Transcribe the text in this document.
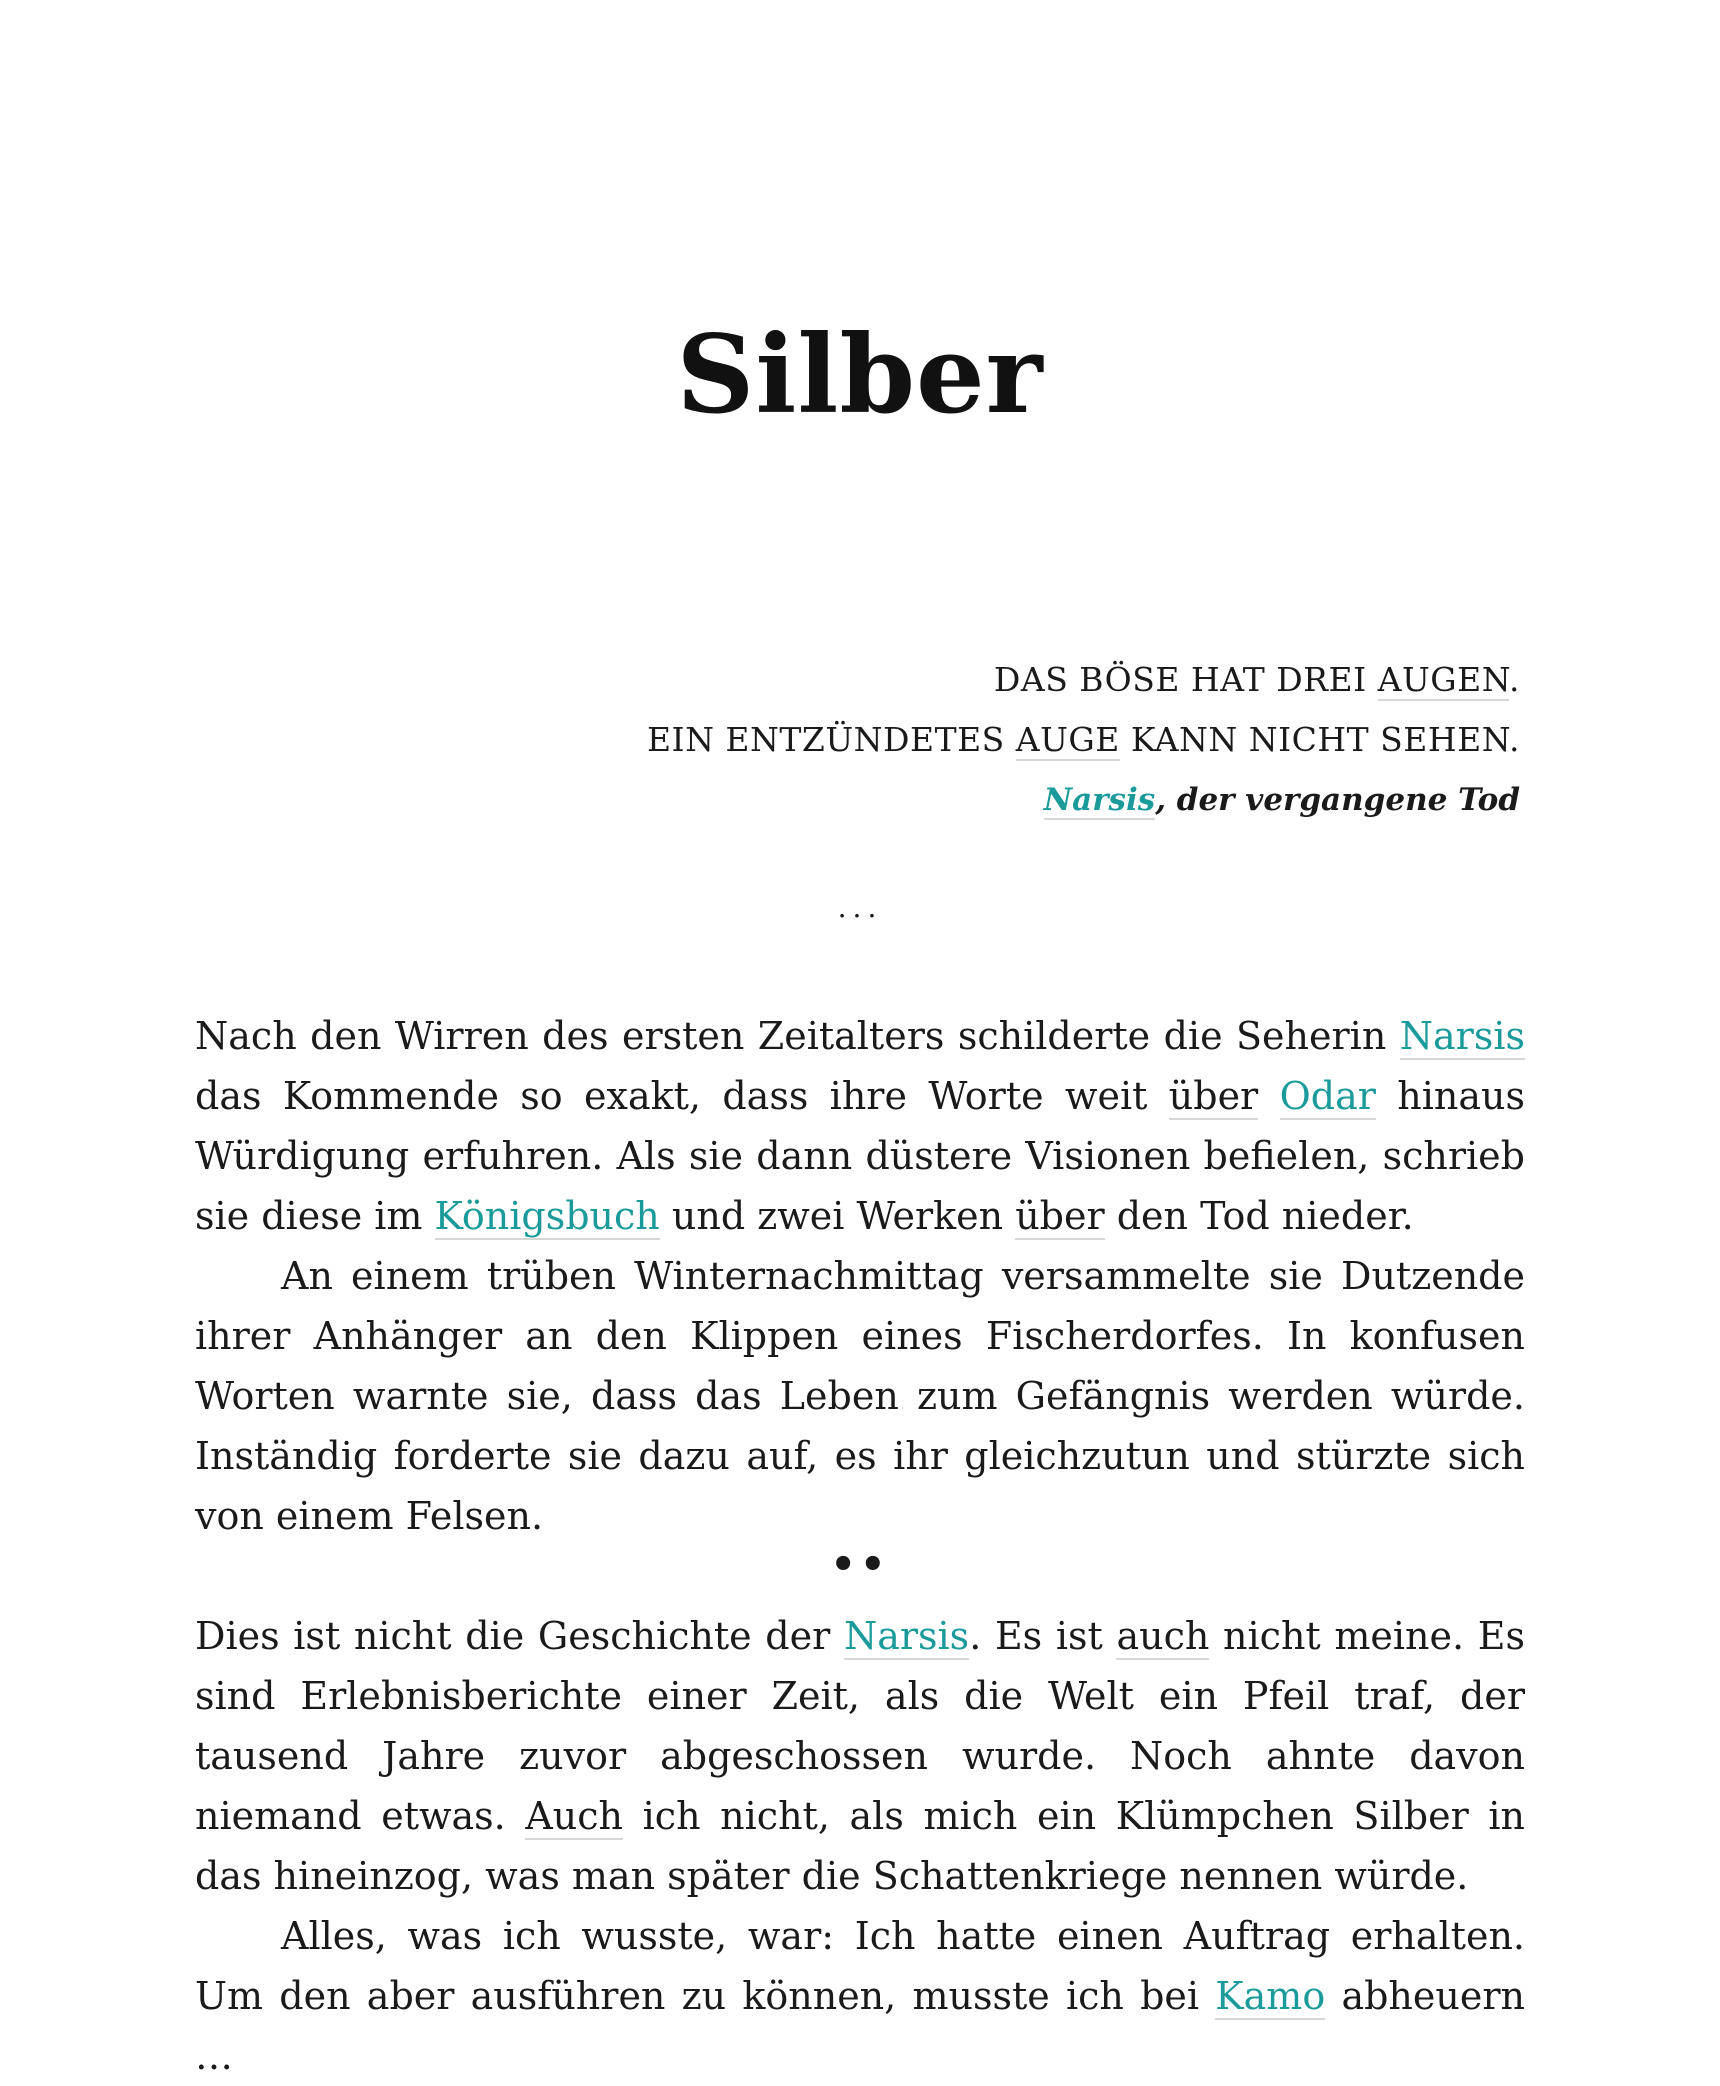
Silber
DAS BÖSE HAT DREI AUGEN.
EIN ENTZÜNDETES AUGE KANN NICHT SEHEN.
Narsis, der vergangene Tod
...

Nach den Wirren des ersten Zeitalters schilderte die Seherin Narsis das Kommende so exakt, dass ihre Worte weit über Odar hinaus Würdigung erfuhren. Als sie dann düstere Visionen befielen, schrieb sie diese im Königsbuch und zwei Werken über den Tod nieder.

An einem trüben Winternachmittag versammelte sie Dutzende ihrer Anhänger an den Klippen eines Fischerdorfes. In konfusen Worten warnte sie, dass das Leben zum Gefängnis werden würde. Inständig forderte sie dazu auf, es ihr gleichzutun und stürzte sich von einem Felsen.

••

Dies ist nicht die Geschichte der Narsis. Es ist auch nicht meine. Es sind Erlebnisberichte einer Zeit, als die Welt ein Pfeil traf, der tausend Jahre zuvor abgeschossen wurde. Noch ahnte davon niemand etwas. Auch ich nicht, als mich ein Klümpchen Silber in das hineinzog, was man später die Schattenkriege nennen würde.

Alles, was ich wusste, war: Ich hatte einen Auftrag erhalten. Um den aber ausführen zu können, musste ich bei Kamo abheuern …
